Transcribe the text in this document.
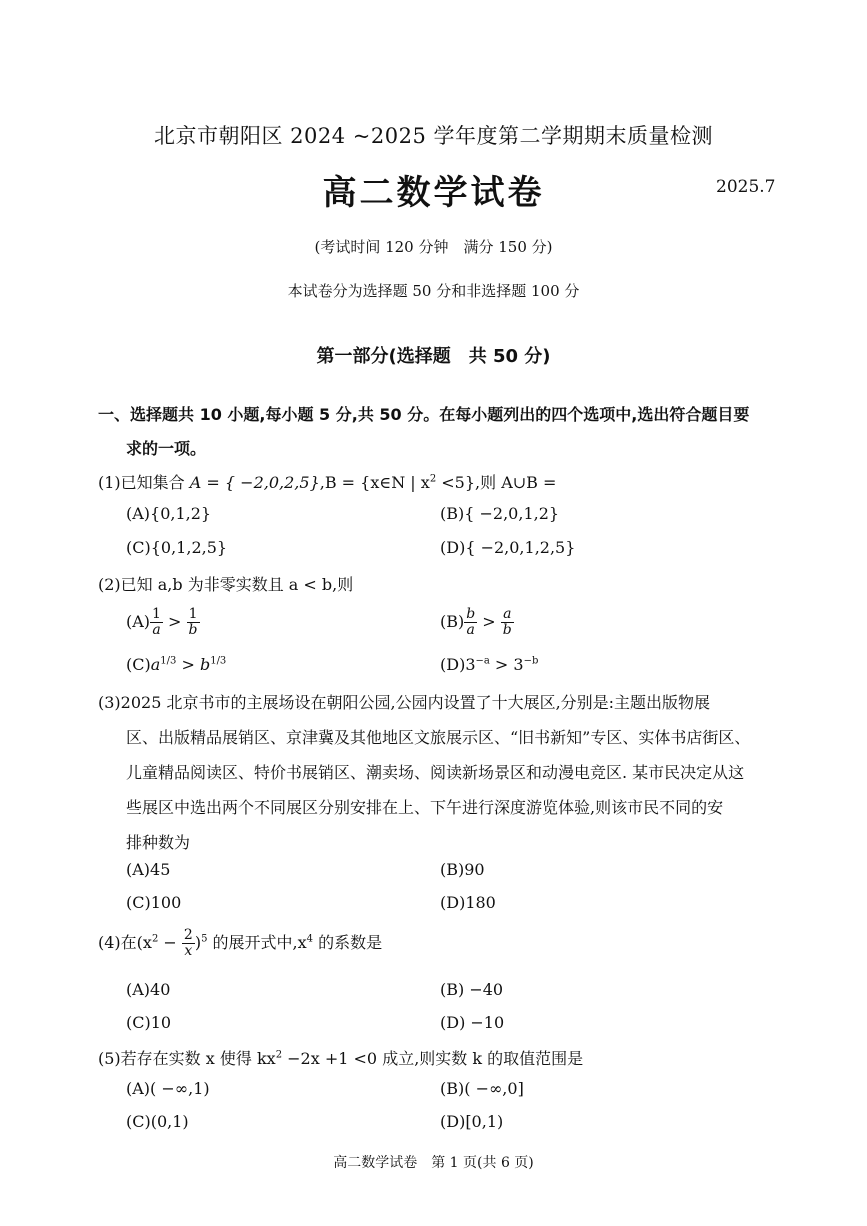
北京市朝阳区 2024 ~2025 学年度第二学期期末质量检测
高二数学试卷	2025.7
(考试时间 120 分钟　满分 150 分)
本试卷分为选择题 50 分和非选择题 100 分
第一部分(选择题　共 50 分)
一、选择题共 10 小题,每小题 5 分,共 50 分。在每小题列出的四个选项中,选出符合题目要
求的一项。
(1)已知集合 A = { −2,0,2,5},B = {x∈N | $x^2 <5$},则 A∪B =
(A){0,1,2}	(B){ −2,0,1,2}
(C){0,1,2,5}	(D){ −2,0,1,2,5}
(2)已知 a,b 为非零实数且 a < b,则
$(A) \frac{1}{a} > \frac{1}{b}$	$(B) \frac{b}{a} > \frac{a}{b}$
$(C)a^{1/3} > b^{1/3}$	$(D)3^{-a} > 3^{-b}$
(3)2025 北京书市的主展场设在朝阳公园,公园内设置了十大展区,分别是:主题出版物展
区、出版精品展销区、京津冀及其他地区文旅展示区、“旧书新知”专区、实体书店街区、
儿童精品阅读区、特价书展销区、潮卖场、阅读新场景区和动漫电竞区. 某市民决定从这
些展区中选出两个不同展区分别安排在上、下午进行深度游览体验,则该市民不同的安
排种数为
(A)45	(B)90
(C)100	(D)180
(4)在$(x^2 - \frac{2}{x} )^5$ 的展开式中$,x^4$ 的系数是
(A)40	(B) −40
(C)10	(D) −10
(5)若存在实数 x 使得 $kx^2 -2x +1 <0$ 成立,则实数 k 的取值范围是
(A)( −∞,1)	(B)( −∞,0]
(C)(0,1)	(D)[0,1)
高二数学试卷　第 1 页(共 6 页)
